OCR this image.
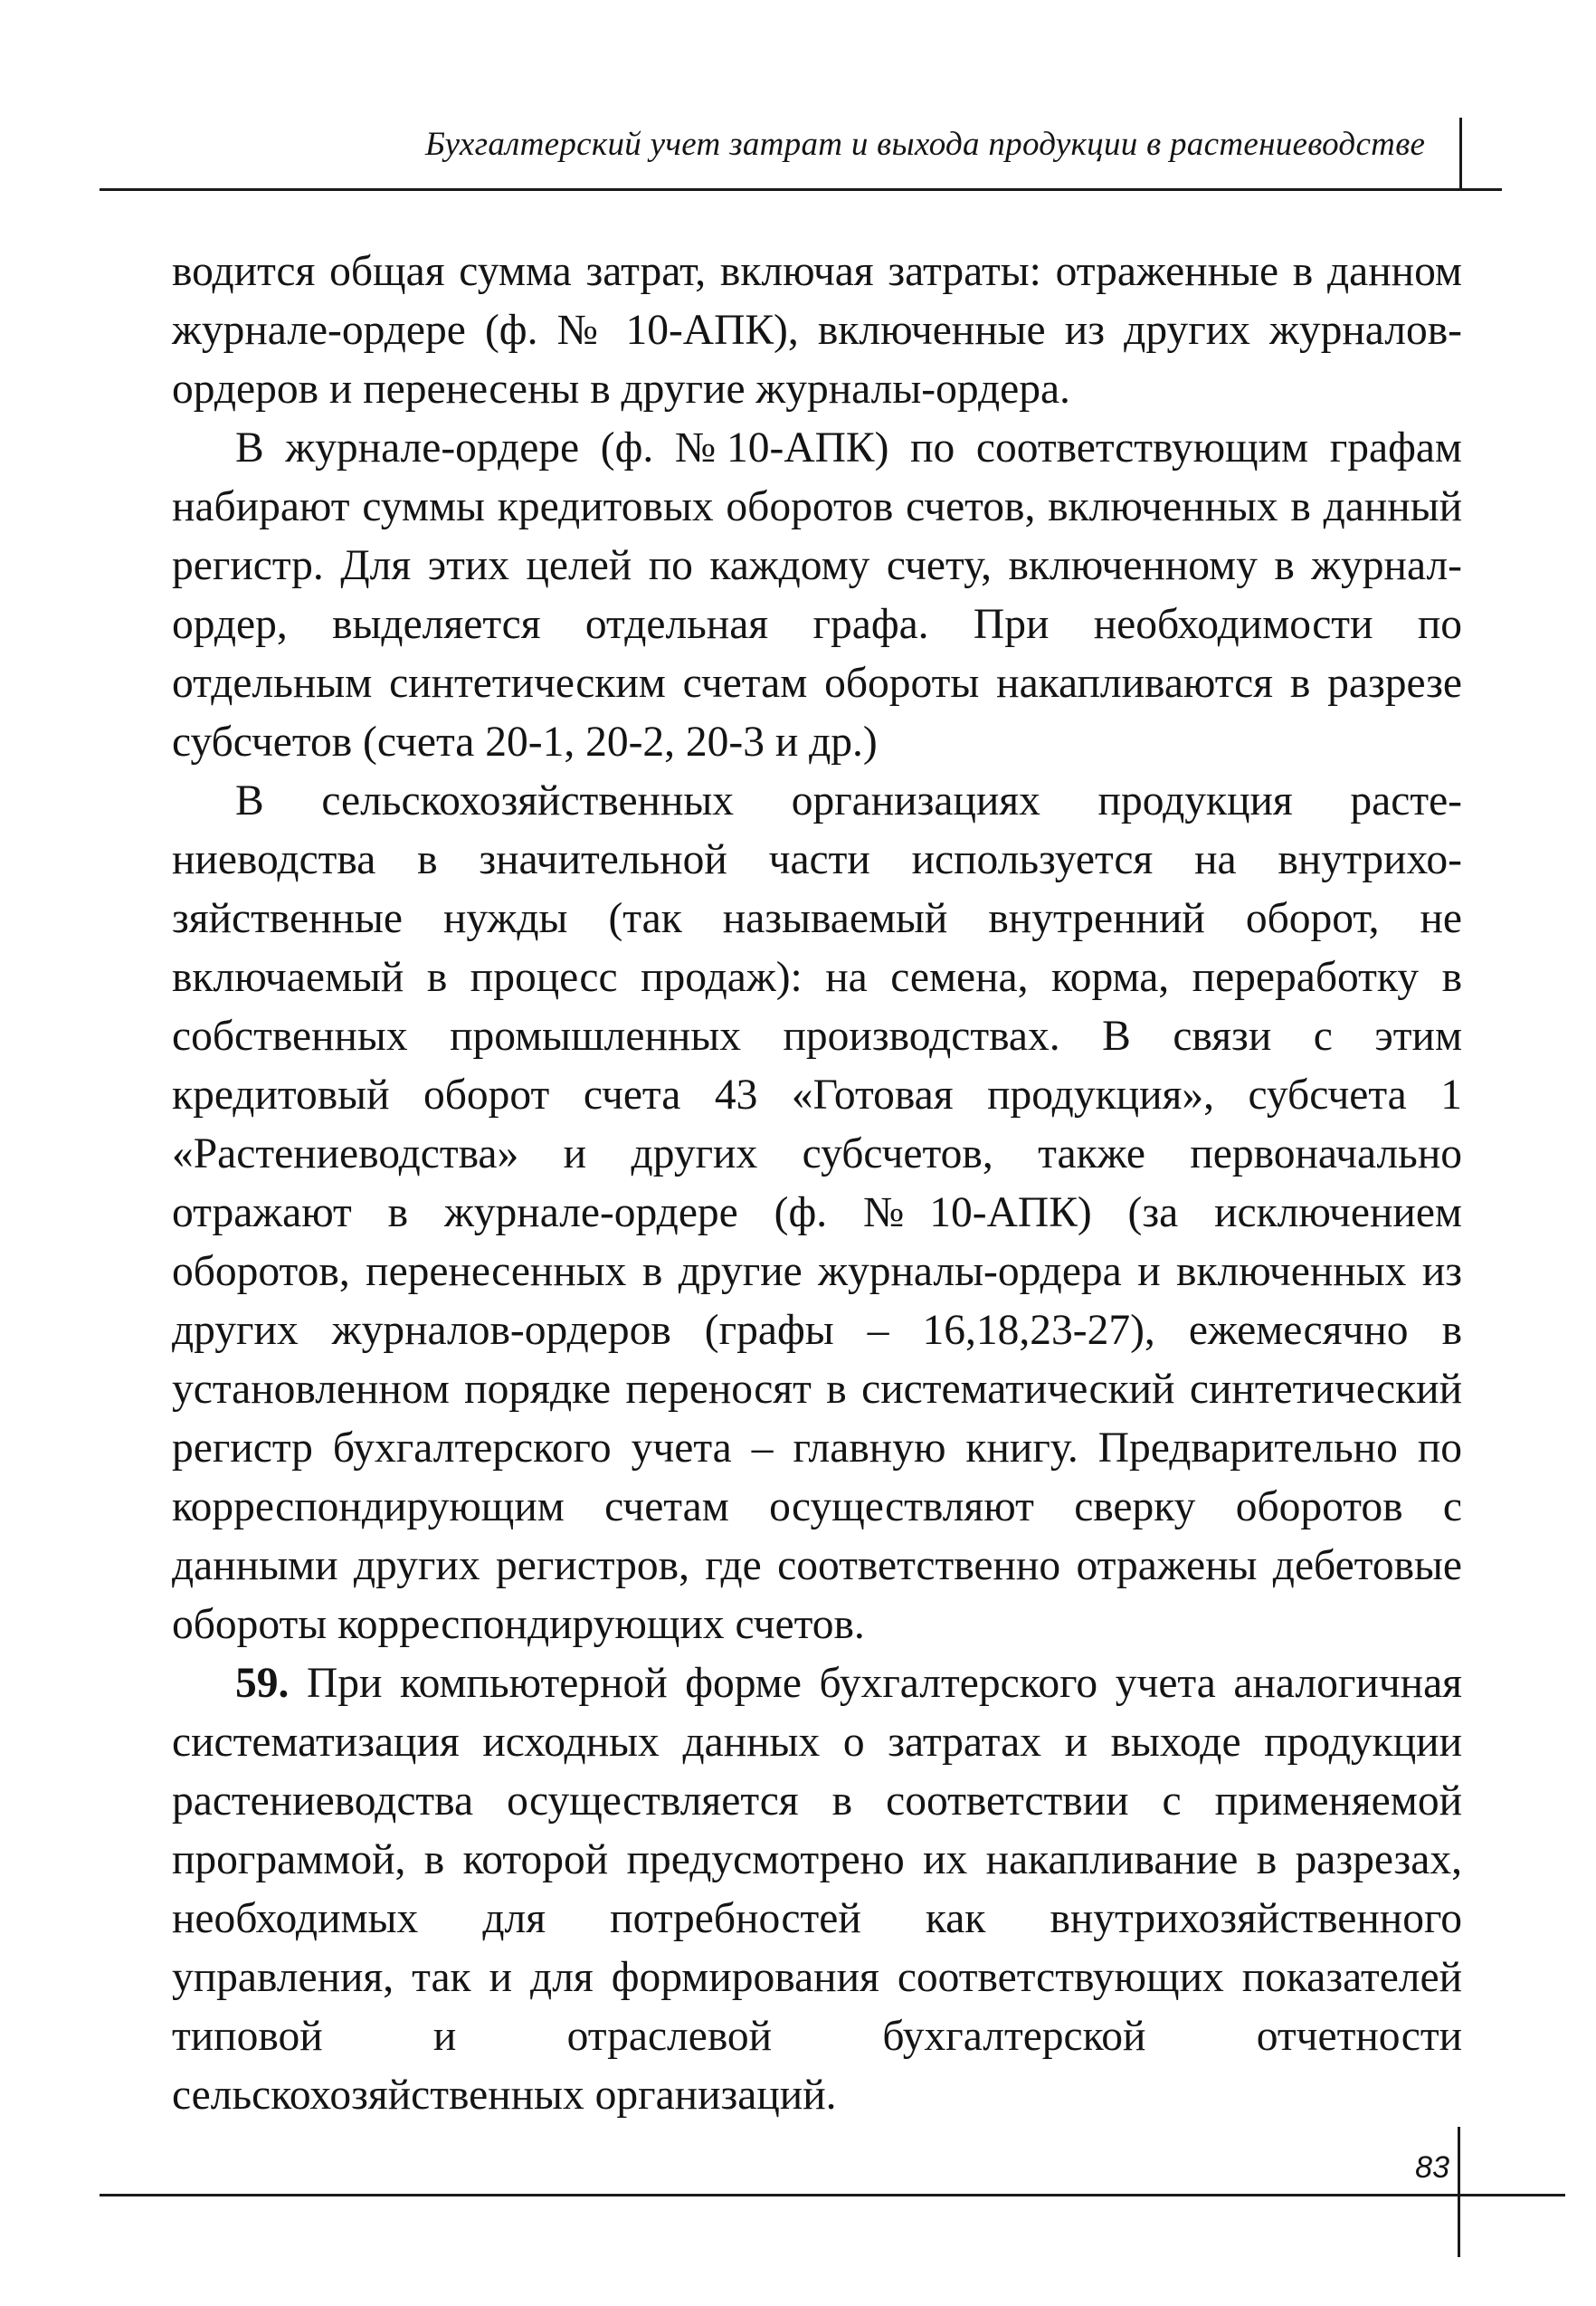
Бухгалтерский учет затрат и выхода продукции в растениеводстве

водится общая сумма затрат, включая затраты: отраженные в данном журнале-ордере (ф. № 10-АПК), включенные из других журналов-ордеров и перенесены в другие журналы-ордера.

В журнале-ордере (ф. №10-АПК) по соответствующим графам набирают суммы кредитовых оборотов счетов, включенных в данный регистр. Для этих целей по каждому счету, включенному в журнал-ордер, выделяется отдельная графа. При необходимости по отдельным синтетическим счетам обороты накапливаются в разрезе субсчетов (счета 20-1, 20-2, 20-3 и др.)

В сельскохозяйственных организациях продукция растениеводства в значительной части используется на внутрихозяйственные нужды (так называемый внутренний оборот, не включаемый в процесс продаж): на семена, корма, переработку в собственных промышленных производствах. В связи с этим кредитовый оборот счета 43 «Готовая продукция», субсчета 1 «Растениеводства» и других субсчетов, также первоначально отражают в журнале-ордере (ф. №10-АПК) (за исключением оборотов, перенесенных в другие журналы-ордера и включенных из других журналов-ордеров (графы – 16,18,23-27), ежемесячно в установленном порядке переносят в систематический синтетический регистр бухгалтерского учета – главную книгу. Предварительно по корреспондирующим счетам осуществляют сверку оборотов с данными других регистров, где соответственно отражены дебетовые обороты корреспондирующих счетов.

59. При компьютерной форме бухгалтерского учета аналогичная систематизация исходных данных о затратах и выходе продукции растениеводства осуществляется в соответствии с применяемой программой, в которой предусмотрено их накапливание в разрезах, необходимых для потребностей как внутрихозяйственного управления, так и для формирования соответствующих показателей типовой и отраслевой бухгалтерской отчетности сельскохозяйственных организаций.

83
